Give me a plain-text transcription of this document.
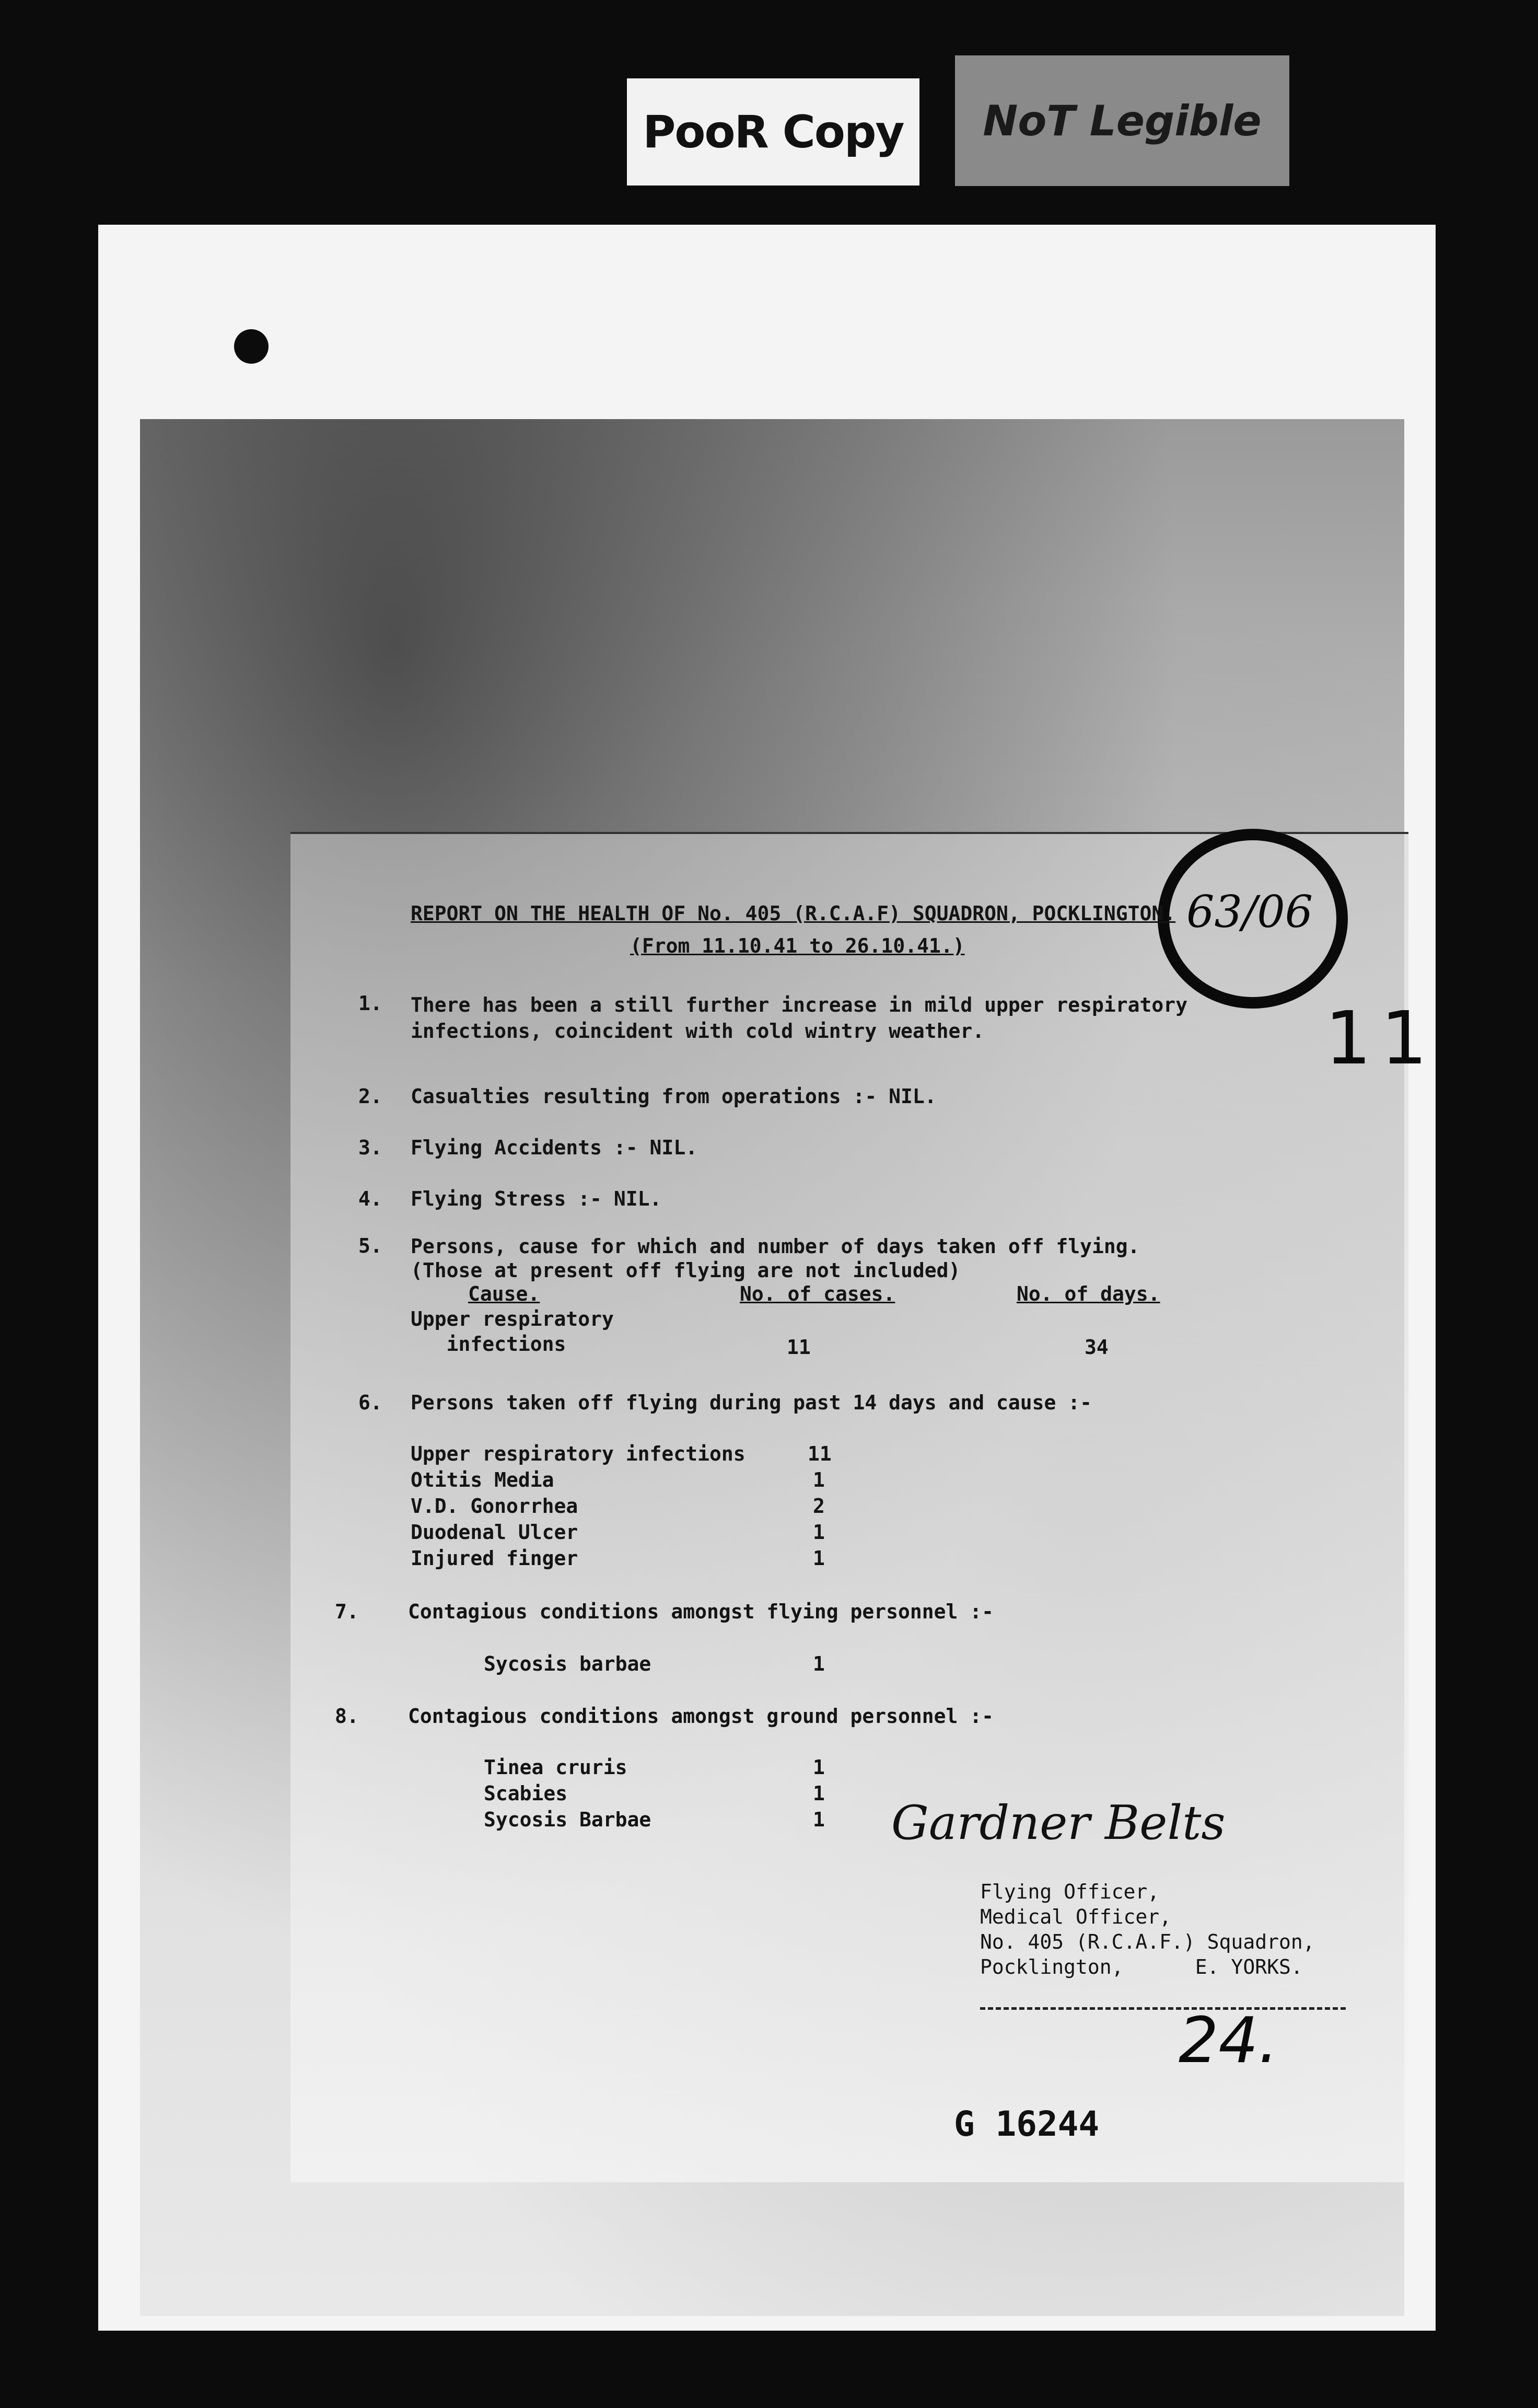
PooR Copy	NoT Legible
63/06
11
REPORT ON THE HEALTH OF No. 405 (R.C.A.F) SQUADRON, POCKLINGTON.
(From 11.10.41 to 26.10.41.)
1. There has been a still further increase in mild upper respiratory
infections, coincident with cold wintry weather.
2. Casualties resulting from operations :- NIL.
3. Flying Accidents :- NIL.
4. Flying Stress :- NIL.
5. Persons, cause for which and number of days taken off flying.
(Those at present off flying are not included)
Cause.	No. of cases.	No. of days.
Upper respiratory
infections	11	34
6. Persons taken off flying during past 14 days and cause :-
Upper respiratory infections	11
Otitis Media	1
V.D. Gonorrhea	2
Duodenal Ulcer	1
Injured finger	1
7. Contagious conditions amongst flying personnel :-
Sycosis barbae	1
8. Contagious conditions amongst ground personnel :-
Tinea cruris	1
Scabies	1
Sycosis Barbae	1 Gardner Belts
Flying Officer,
Medical Officer,
No. 405 (R.C.A.F.) Squadron,
Pocklington,      E. YORKS.
24.
G 16244
